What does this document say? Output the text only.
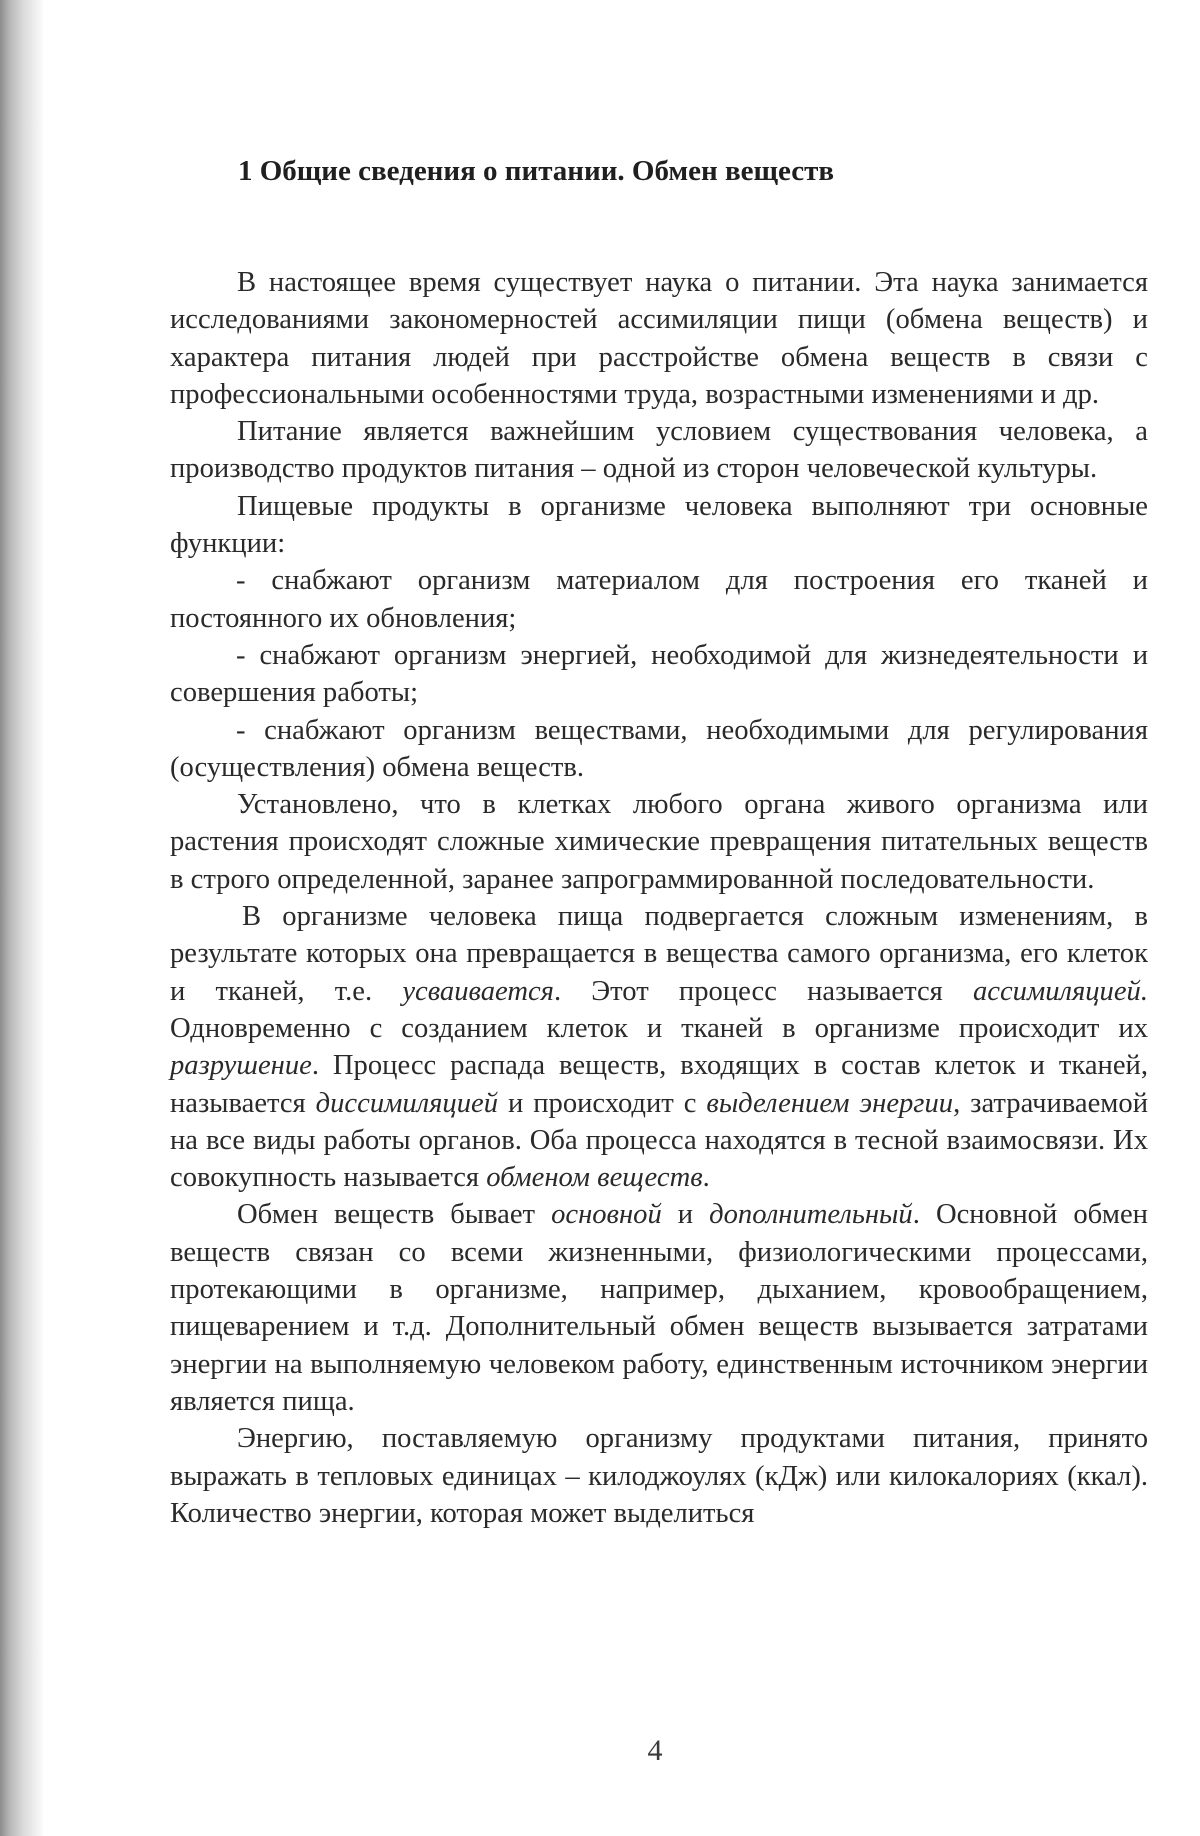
1 Общие сведения о питании. Обмен веществ

В настоящее время существует наука о питании. Эта наука занимается исследованиями закономерностей ассимиляции пищи (обмена веществ) и характера питания людей при расстройстве обмена веществ в связи с профессиональными особенностями труда, возрастными изменениями и др.

Питание является важнейшим условием существования человека, а производство продуктов питания – одной из сторон человеческой культуры.

Пищевые продукты в организме человека выполняют три основные функции:

- снабжают организм материалом для построения его тканей и постоянного их обновления;

- снабжают организм энергией, необходимой для жизнедеятельности и совершения работы;

- снабжают организм веществами, необходимыми для регулирования (осуществления) обмена веществ.

Установлено, что в клетках любого органа живого организма или растения происходят сложные химические превращения питательных веществ в строго определенной, заранее запрограммированной последовательности.

В организме человека пища подвергается сложным изменениям, в результате которых она превращается в вещества самого организма, его клеток и тканей, т.е. усваивается. Этот процесс называется ассимиляцией. Одновременно с созданием клеток и тканей в организме происходит их разрушение. Процесс распада веществ, входящих в состав клеток и тканей, называется диссимиляцией и происходит с выделением энергии, затрачиваемой на все виды работы органов. Оба процесса находятся в тесной взаимосвязи. Их совокупность называется обменом веществ.

Обмен веществ бывает основной и дополнительный. Основной обмен веществ связан со всеми жизненными, физиологическими процессами, протекающими в организме, например, дыханием, кровообращением, пищеварением и т.д. Дополнительный обмен веществ вызывается затратами энергии на выполняемую человеком работу, единственным источником энергии является пища.

Энергию, поставляемую организму продуктами питания, принято выражать в тепловых единицах – килоджоулях (кДж) или килокалориях (ккал). Количество энергии, которая может выделиться

4
